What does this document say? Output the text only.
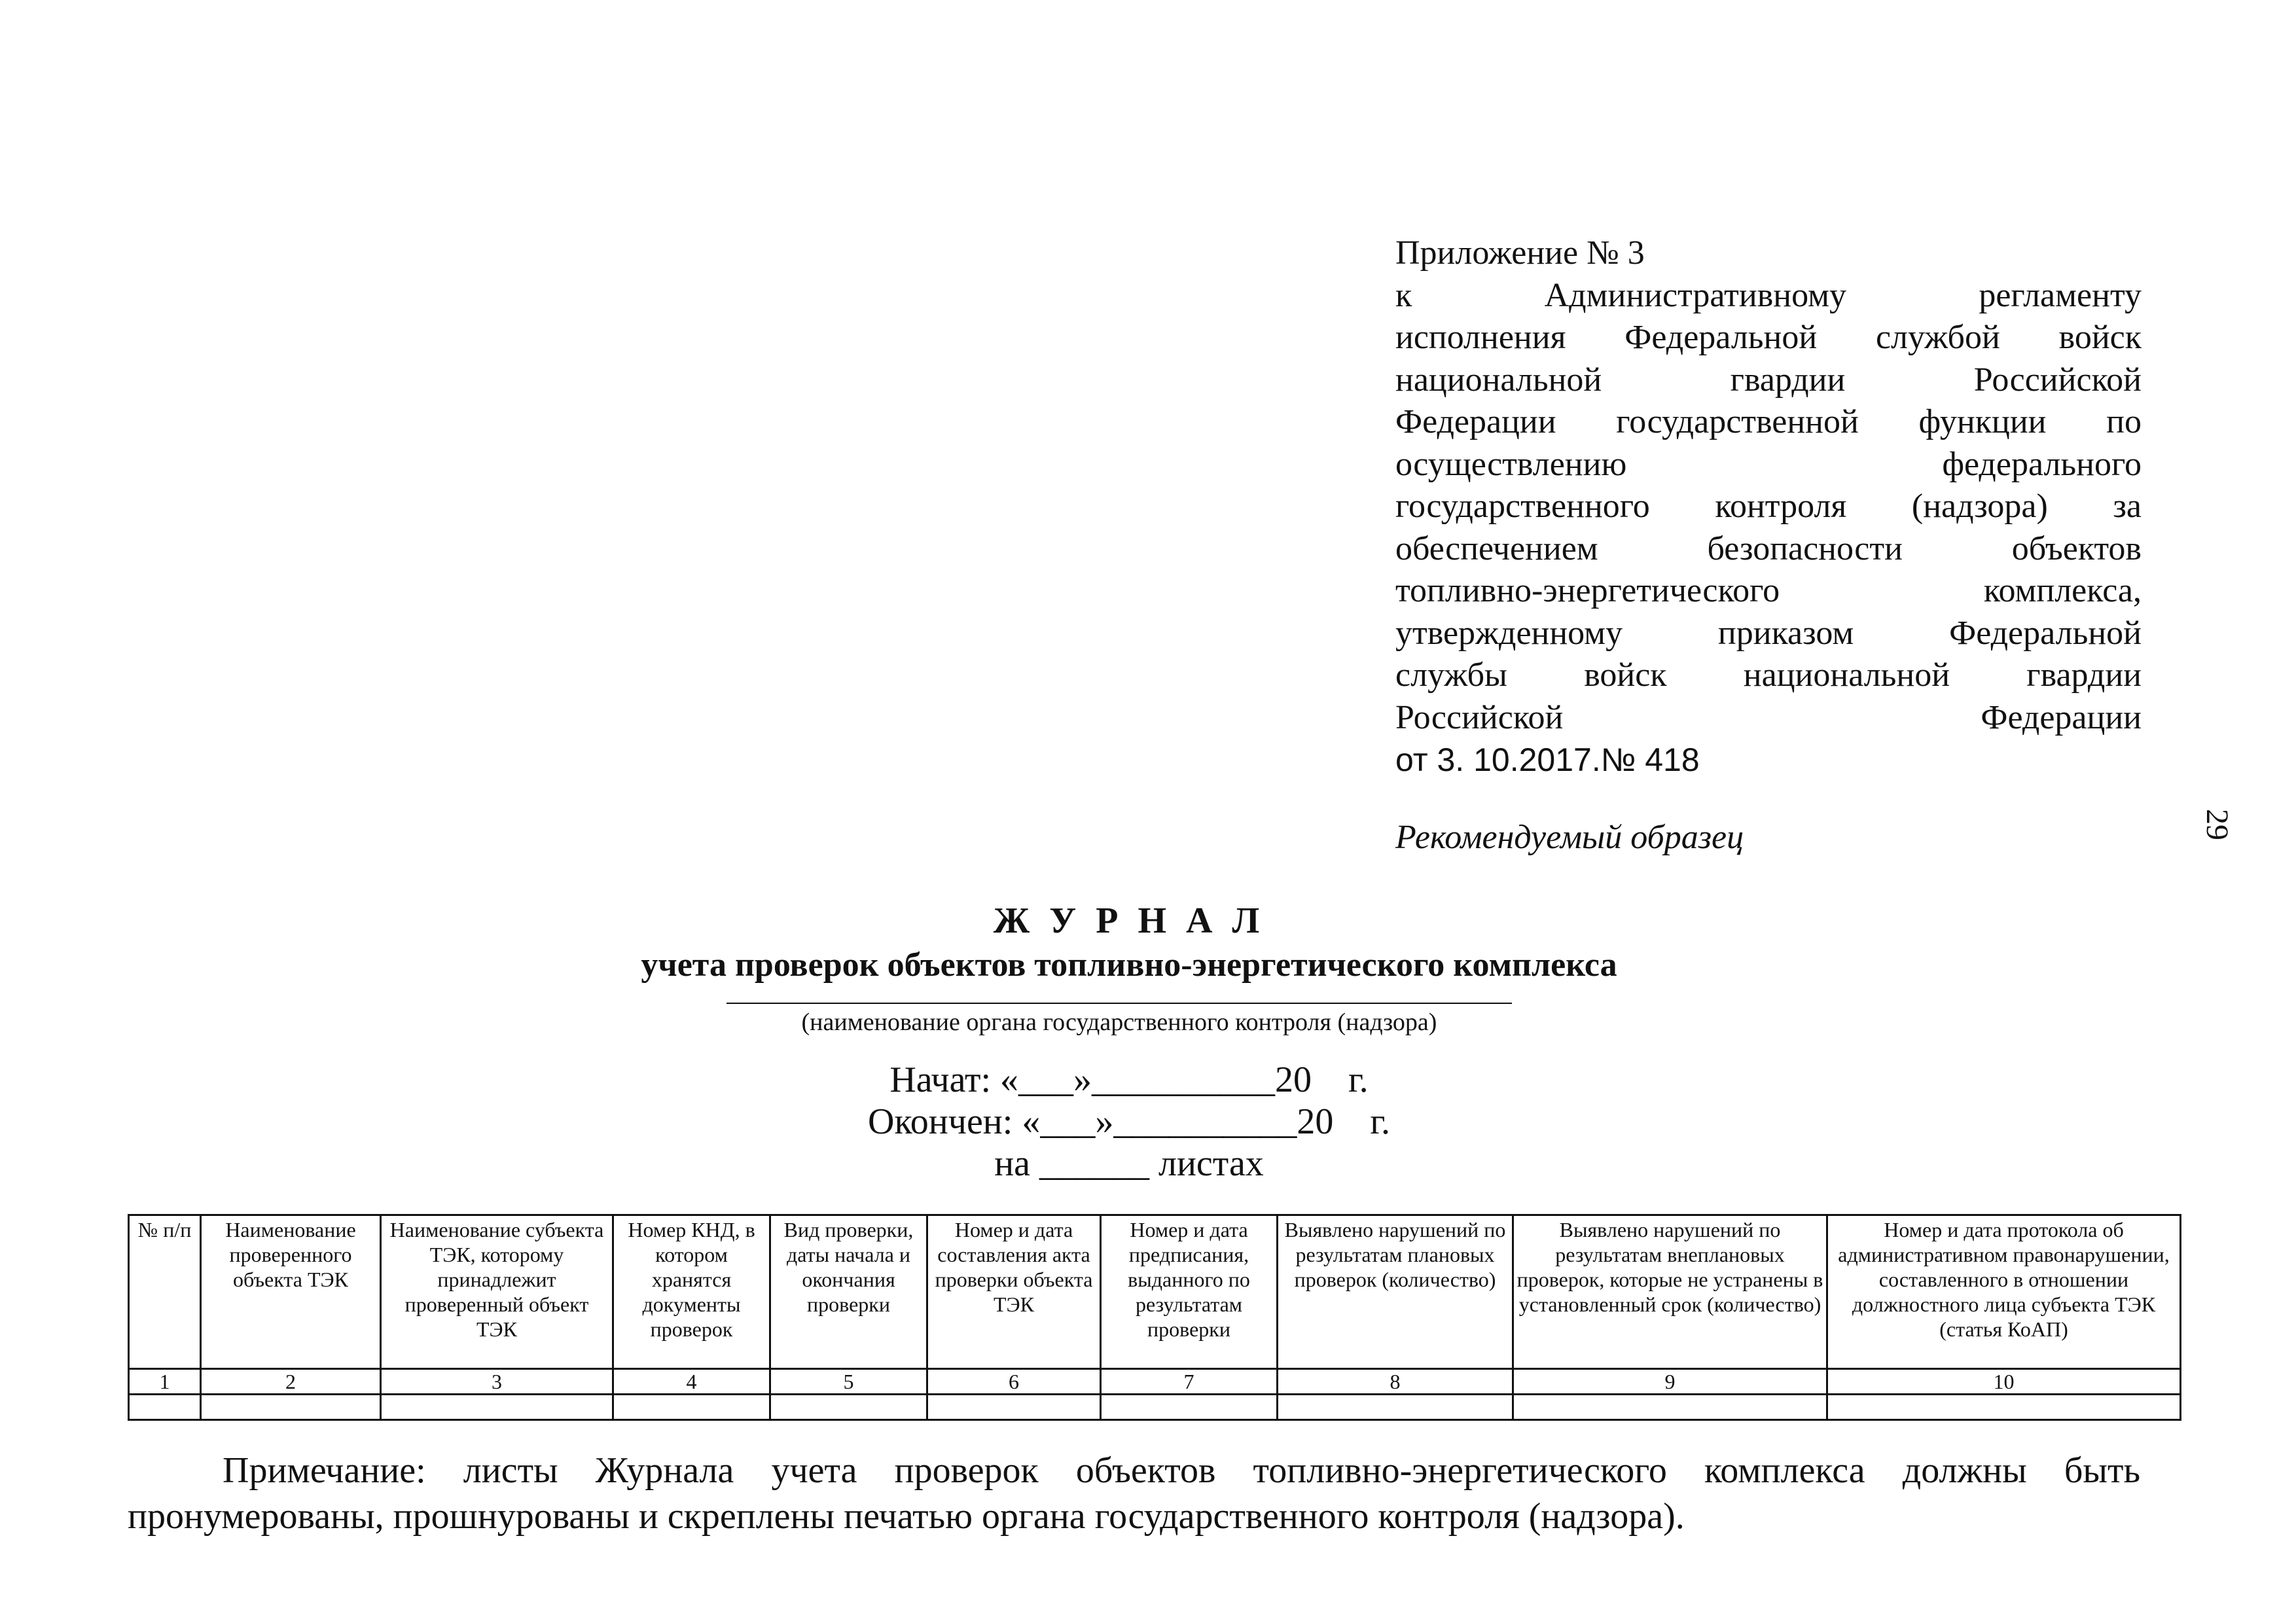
Приложение № 3
к	Административному	регламенту
исполнения Федеральной службой войск
национальной	гвардии	Российской
Федерации государственной функции по
осуществлению	федерального
государственного контроля (надзора) за
обеспечением	безопасности	объектов
топливно-энергетического	комплекса,
утвержденному	приказом	Федеральной
службы войск национальной гвардии
Российской	Федерации
от 3. 10.2017.№ 418
29
Рекомендуемый образец
Ж У Р Н А Л
учета проверок объектов топливно-энергетического комплекса
(наименование органа государственного контроля (надзора)
Начат: «___»__________20    г.
Окончен: «___»__________20    г.
на ______ листах
№ п/п	Наименование проверенного объекта ТЭК	Наименование субъекта ТЭК, которому принадлежит проверенный объект ТЭК	Номер КНД, в котором хранятся документы проверок	Вид проверки, даты начала и окончания проверки	Номер и дата составления акта проверки объекта ТЭК	Номер и дата предписания, выданного по результатам проверки	Выявлено нарушений по результатам плановых проверок (количество)	Выявлено нарушений по результатам внеплановых проверок, которые не устранены в установленный срок (количество)	Номер и дата протокола об административном правонарушении, составленного в отношении должностного лица субъекта ТЭК (статья КоАП)
1	2	3	4	5	6	7	8	9	10

Примечание: листы Журнала учета проверок объектов топливно-энергетического комплекса должны быть пронумерованы, прошнурованы и скреплены печатью органа государственного контроля (надзора).
